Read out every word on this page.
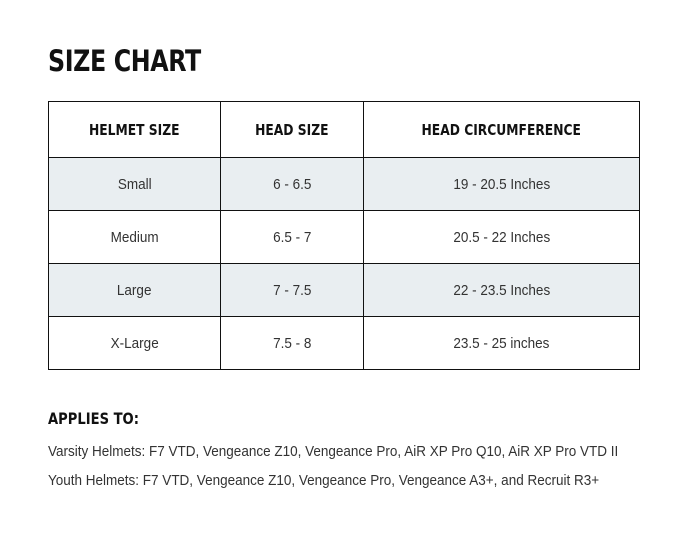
SIZE CHART
HELMET SIZE	HEAD SIZE	HEAD CIRCUMFERENCE
Small	6 - 6.5	19 - 20.5 Inches
Medium	6.5 - 7	20.5 - 22 Inches
Large	7 - 7.5	22 - 23.5 Inches
X-Large	7.5 - 8	23.5 - 25 inches
APPLIES TO:

Varsity Helmets: F7 VTD, Vengeance Z10, Vengeance Pro, AiR XP Pro Q10, AiR XP Pro VTD II

Youth Helmets: F7 VTD, Vengeance Z10, Vengeance Pro, Vengeance A3+, and Recruit R3+
